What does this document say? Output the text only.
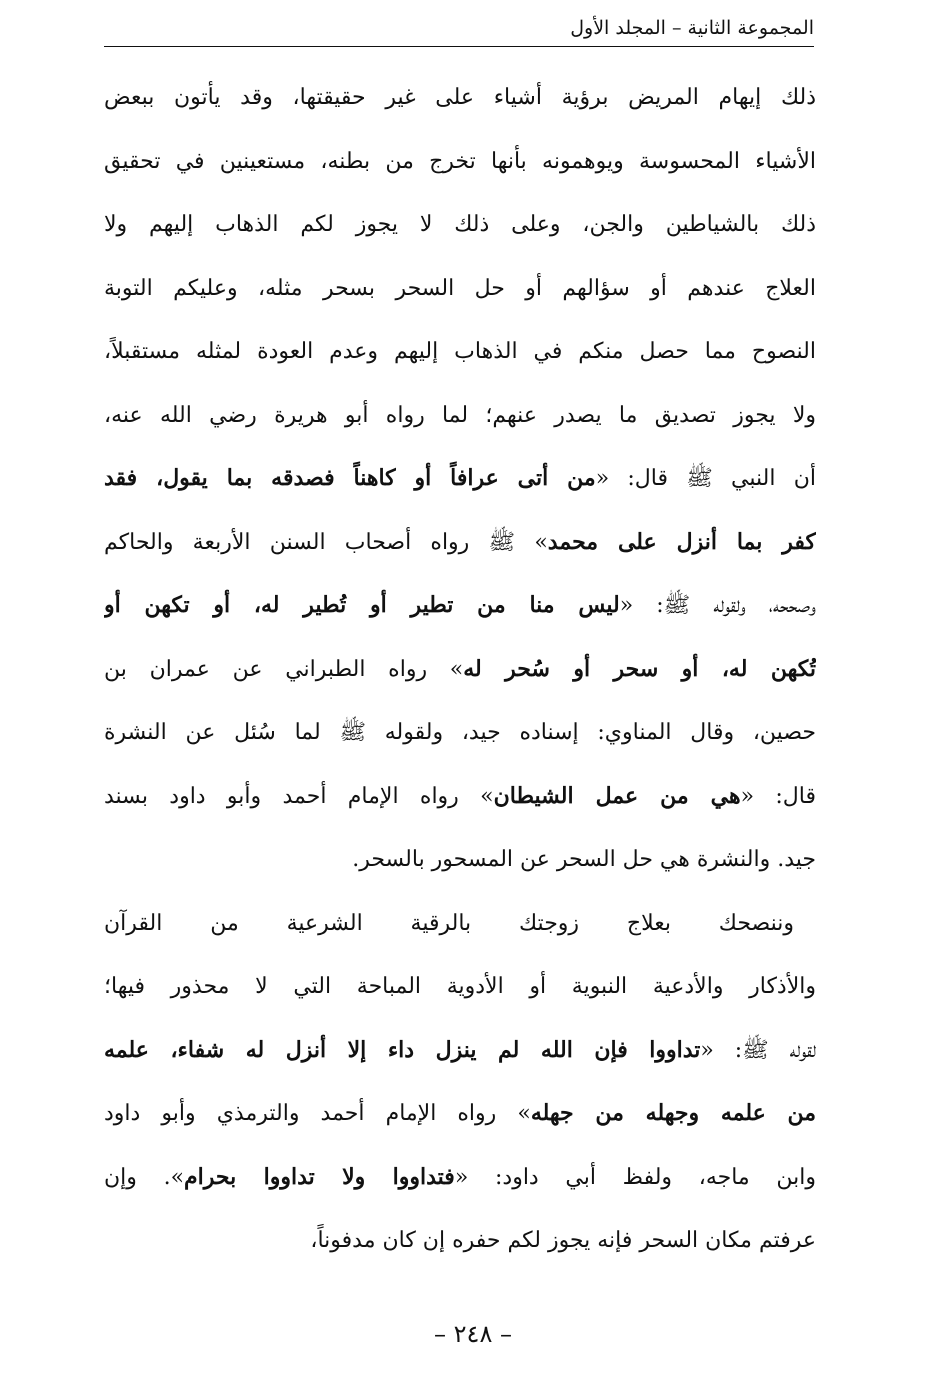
المجموعة الثانية – المجلد الأول
ذلك إيهام المريض برؤية أشياء على غير حقيقتها، وقد يأتون ببعض
الأشياء المحسوسة ويوهمونه بأنها تخرج من بطنه، مستعينين في تحقيق
ذلك بالشياطين والجن، وعلى ذلك لا يجوز لكم الذهاب إليهم ولا
العلاج عندهم أو سؤالهم أو حل السحر بسحر مثله، وعليكم التوبة
النصوح مما حصل منكم في الذهاب إليهم وعدم العودة لمثله مستقبلاً،
ولا يجوز تصديق ما يصدر عنهم؛ لما رواه أبو هريرة رضي الله عنه،
أن النبي ﷺ قال: «من أتى عرافاً أو كاهناً فصدقه بما يقول، فقد
كفر بما أنزل على محمد» ﷺ رواه أصحاب السنن الأربعة والحاكم
وصححه، ولقوله ﷺ: «ليس منا من تطير أو تُطير له، أو تكهن أو
تُكهن له، أو سحر أو سُحر له» رواه الطبراني عن عمران بن
حصين، وقال المناوي: إسناده جيد، ولقوله ﷺ لما سُئل عن النشرة
قال: «هي من عمل الشيطان» رواه الإمام أحمد وأبو داود بسند
جيد. والنشرة هي حل السحر عن المسحور بالسحر.
وننصحك بعلاج زوجتك بالرقية الشرعية من القرآن
والأذكار والأدعية النبوية أو الأدوية المباحة التي لا محذور فيها؛
لقوله ﷺ: «تداووا فإن الله لم ينزل داء إلا أنزل له شفاء، علمه
من علمه وجهله من جهله» رواه الإمام أحمد والترمذي وأبو داود
وابن ماجه، ولفظ أبي داود: «فتداووا ولا تداووا بحرام». وإن
عرفتم مكان السحر فإنه يجوز لكم حفره إن كان مدفوناً،
– ٢٤٨ –
